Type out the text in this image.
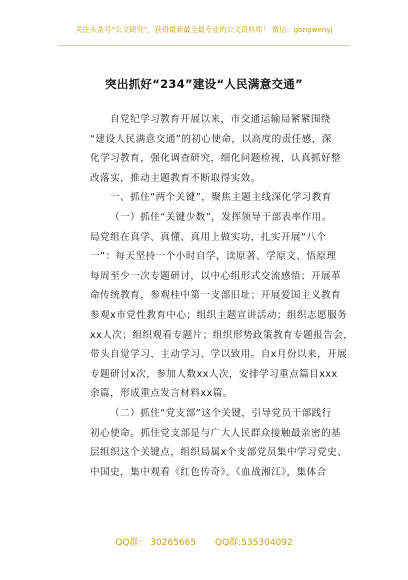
关注头条号“公文研究”，获得最新最全最专业的公文资料库！ 微信：gongwenyj
突出抓好“234”建设“人民满意交通”
自党纪学习教育开展以来，市交通运输局紧紧围绕
“建设人民满意交通”的初心使命，以高度的责任感，深
化学习教育，强化调查研究，细化问题检视，认真抓好整
改落实，推动主题教育不断取得实效。
一、抓住“两个关键”，聚焦主题主线深化学习教育
（一）抓住“关键少数”，发挥领导干部表率作用。
局党组在真学、真懂、真用上做实功，扎实开展“八个
一”：每天坚持一个小时自学，读原著、学原文、悟原理
每周至少一次专题研讨，以中心组形式交流感悟；开展革
命传统教育，参观桂中第一支部旧址；开展爱国主义教育
参观x市党性教育中心；组织主题宣讲活动；组织志愿服务
xx人次；组织观看专题片；组织形势政策教育专题报告会，
带头自觉学习、主动学习、学以致用。自x月份以来，开展
专题研讨x次，参加人数xx人次，安排学习重点篇目xxx
余篇，形成重点发言材料xx篇。
（二）抓住“党支部”这个关键，引导党员干部践行
初心使命。抓住党支部是与广大人民群众接触最亲密的基
层组织这个关键点，组织局属x个支部党员集中学习党史、
中国史，集中观看《红色传奇》、《血战湘江》，集体合
QQ群： 30265665 QQ群:535304092
